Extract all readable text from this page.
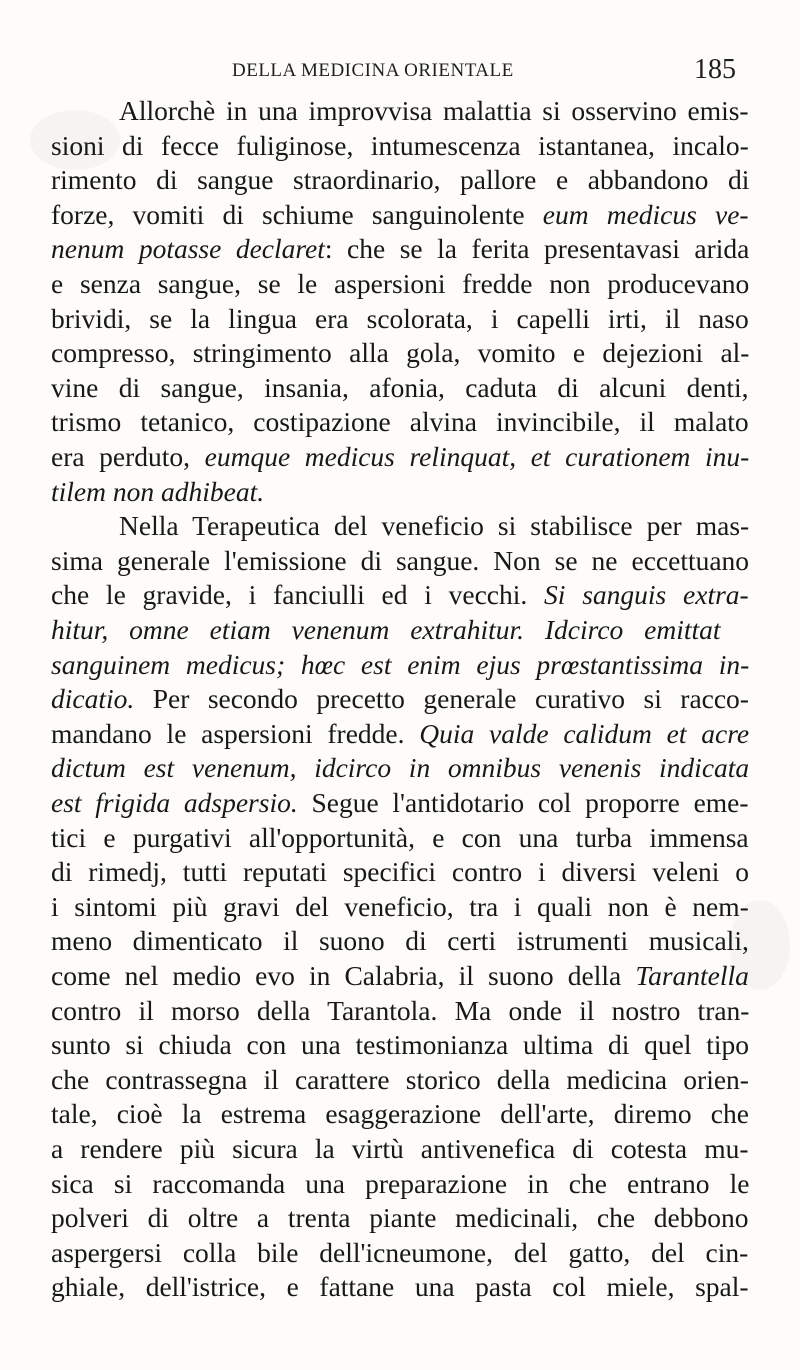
DELLA MEDICINA ORIENTALE	185
Allorchè in una improvvisa malattia si osservino emis-
sioni di fecce fuliginose, intumescenza istantanea, incalo-
rimento di sangue straordinario, pallore e abbandono di
forze, vomiti di schiume sanguinolente eum medicus ve-
nenum potasse declaret: che se la ferita presentavasi arida
e senza sangue, se le aspersioni fredde non producevano
brividi, se la lingua era scolorata, i capelli irti, il naso
compresso, stringimento alla gola, vomito e dejezioni al-
vine di sangue, insania, afonia, caduta di alcuni denti,
trismo tetanico, costipazione alvina invincibile, il malato
era perduto, eumque medicus relinquat, et curationem inu-
tilem non adhibeat.
Nella Terapeutica del veneficio si stabilisce per mas-
sima generale l'emissione di sangue. Non se ne eccettuano
che le gravide, i fanciulli ed i vecchi. Si sanguis extra-
hitur, omne etiam venenum extrahitur. Idcirco emittat
sanguinem medicus; hœc est enim ejus prœstantissima in-
dicatio. Per secondo precetto generale curativo si racco-
mandano le aspersioni fredde. Quia valde calidum et acre
dictum est venenum, idcirco in omnibus venenis indicata
est frigida adspersio. Segue l'antidotario col proporre eme-
tici e purgativi all'opportunità, e con una turba immensa
di rimedj, tutti reputati specifici contro i diversi veleni o
i sintomi più gravi del veneficio, tra i quali non è nem-
meno dimenticato il suono di certi istrumenti musicali,
come nel medio evo in Calabria, il suono della Tarantella
contro il morso della Tarantola. Ma onde il nostro tran-
sunto si chiuda con una testimonianza ultima di quel tipo
che contrassegna il carattere storico della medicina orien-
tale, cioè la estrema esaggerazione dell'arte, diremo che
a rendere più sicura la virtù antivenefica di cotesta mu-
sica si raccomanda una preparazione in che entrano le
polveri di oltre a trenta piante medicinali, che debbono
aspergersi colla bile dell'icneumone, del gatto, del cin-
ghiale, dell'istrice, e fattane una pasta col miele, spal-
